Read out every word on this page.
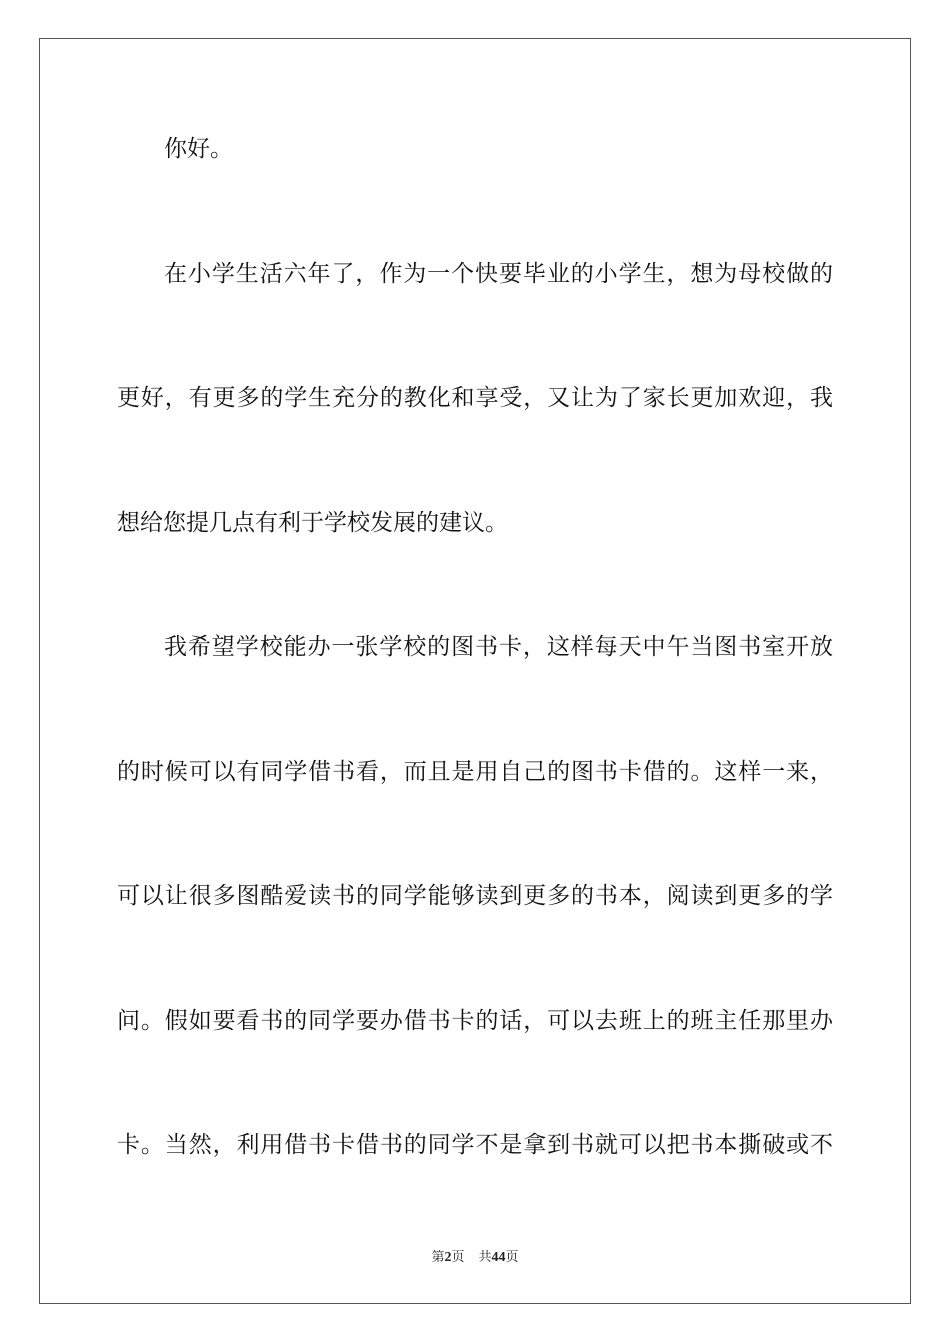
你好。
在小学生活六年了，作为一个快要毕业的小学生，想为母校做的
更好，有更多的学生充分的教化和享受，又让为了家长更加欢迎，我
想给您提几点有利于学校发展的建议。
我希望学校能办一张学校的图书卡，这样每天中午当图书室开放
的时候可以有同学借书看，而且是用自己的图书卡借的。这样一来，
可以让很多图酷爱读书的同学能够读到更多的书本，阅读到更多的学
问。假如要看书的同学要办借书卡的话，可以去班上的班主任那里办
卡。当然，利用借书卡借书的同学不是拿到书就可以把书本撕破或不
第2页 共44页
